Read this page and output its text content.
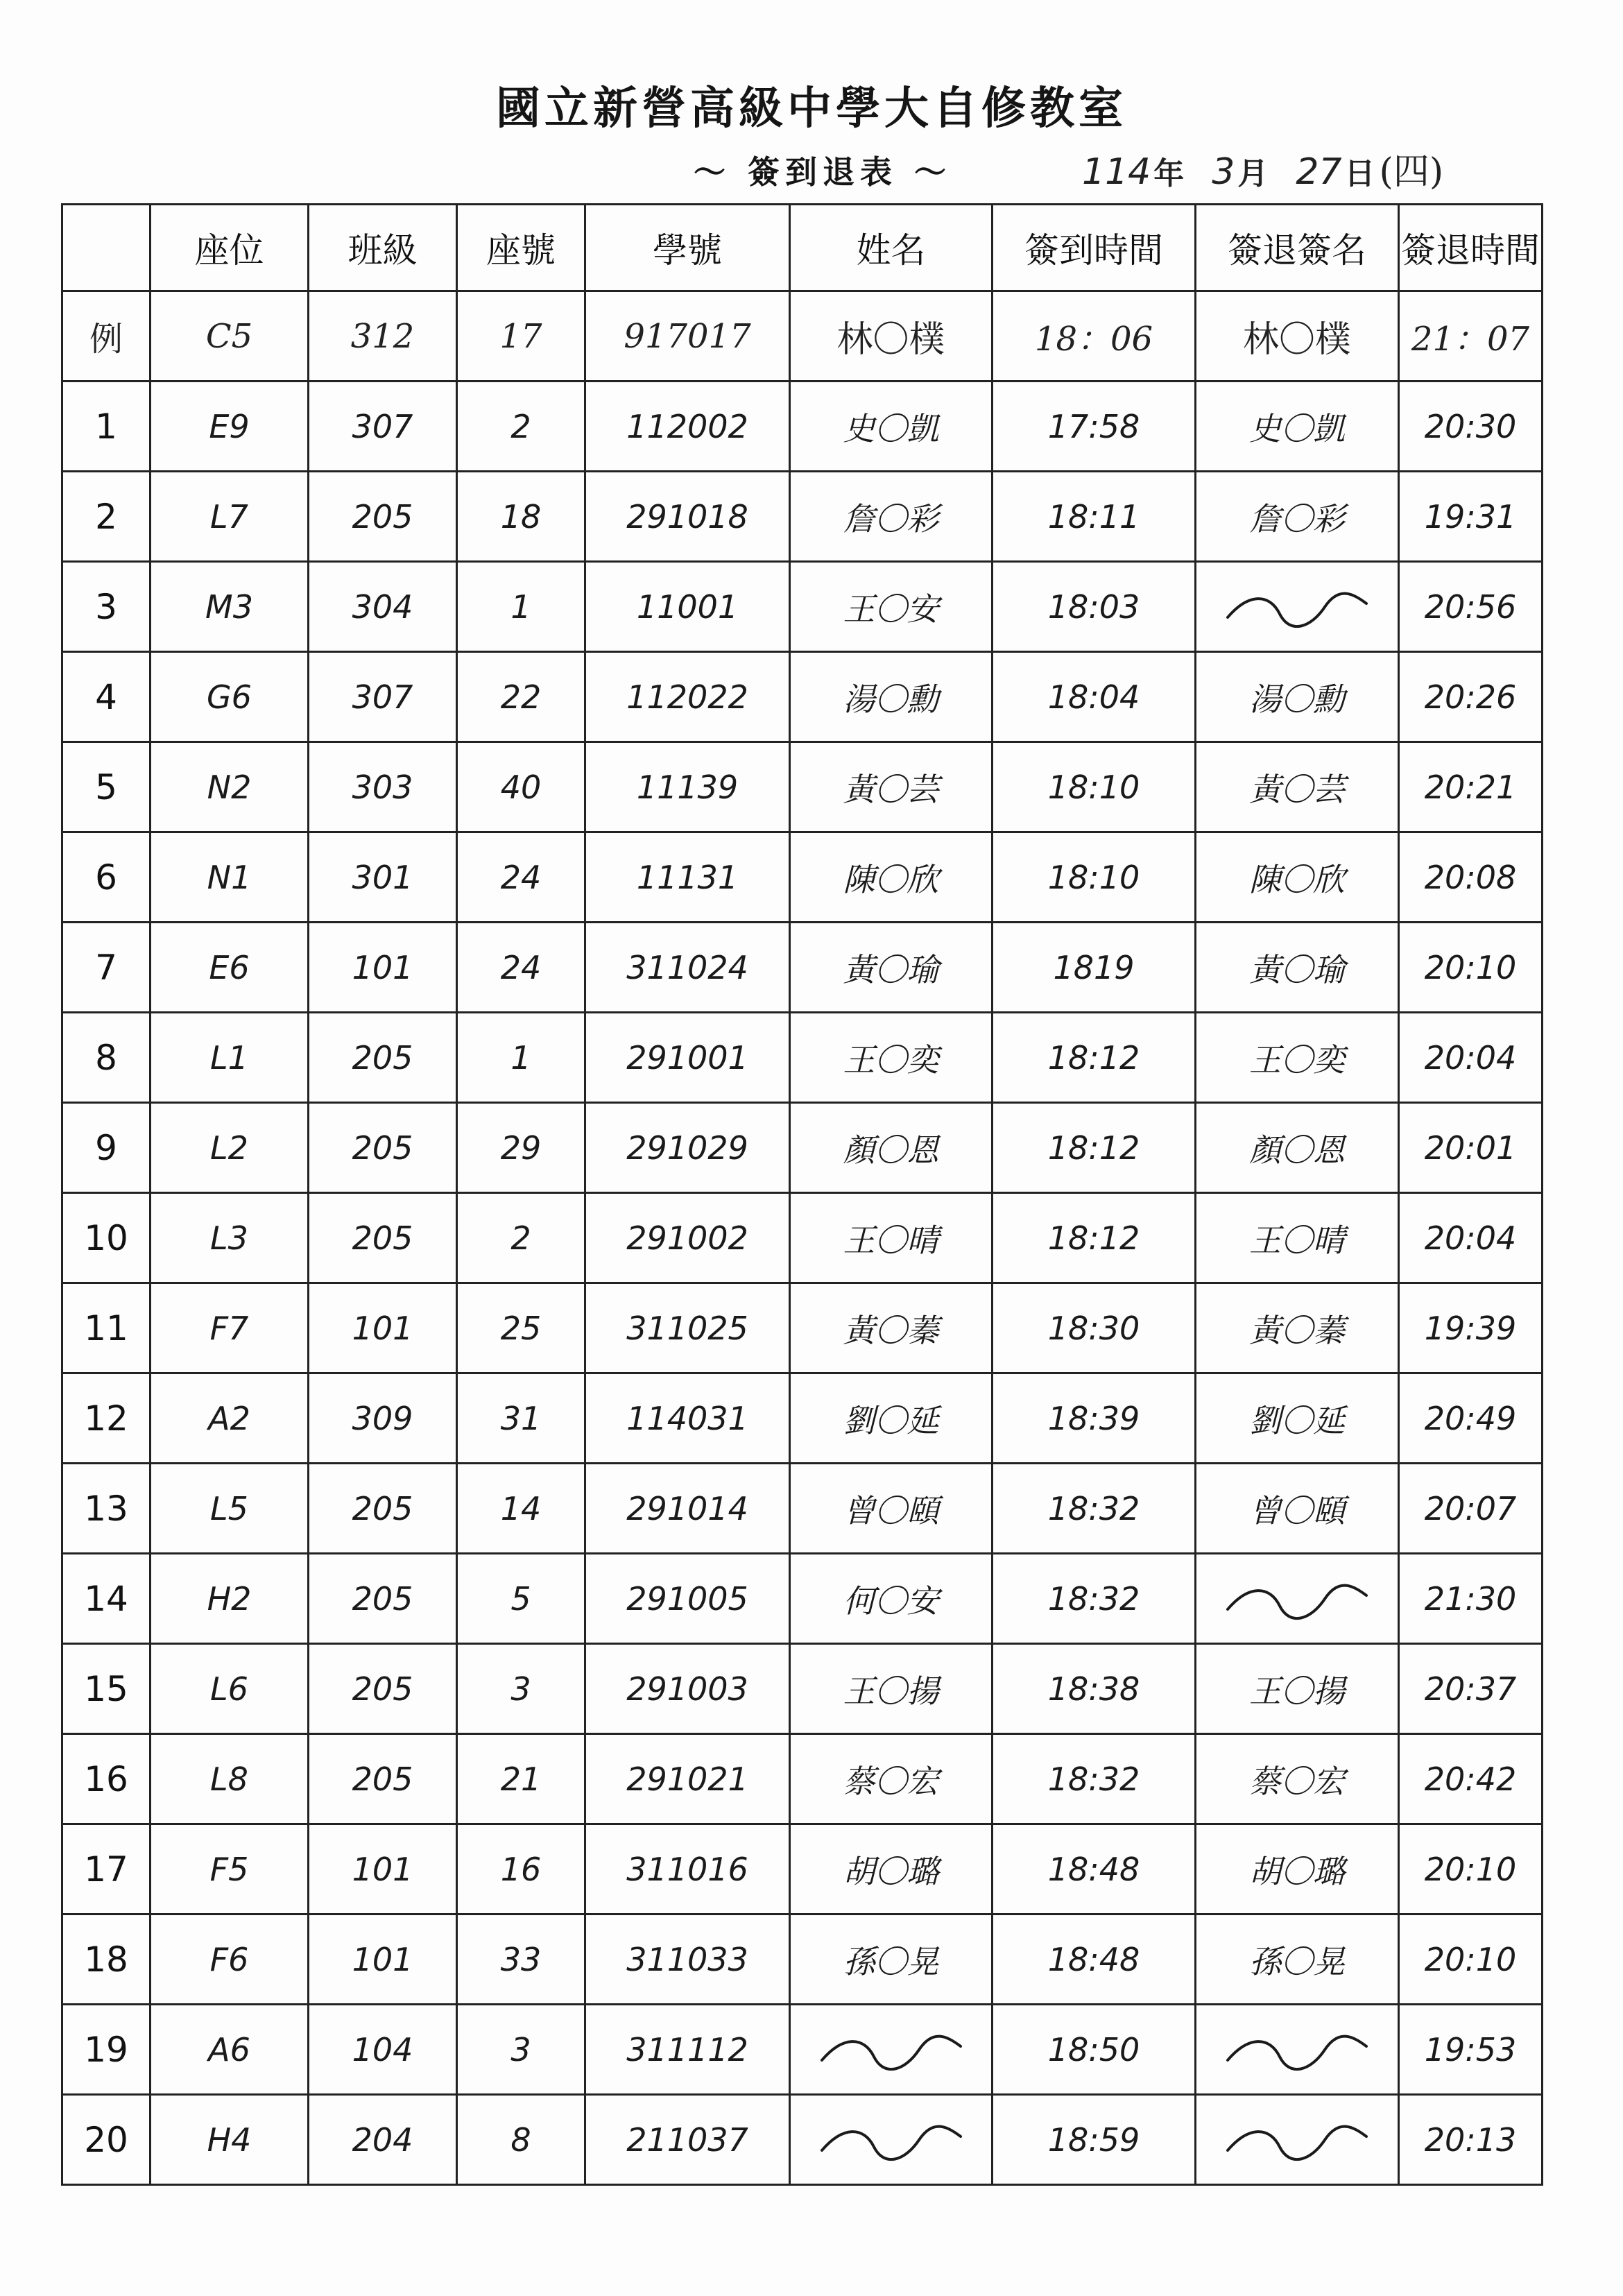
國立新營高級中學大自修教室
～ 簽到退表 ～	114年 3月 27日 (四)
	座位	班級	座號	學號	姓名	簽到時間	簽退簽名	簽退時間
例	C5	312	17	917017	林〇樸	18：06	林〇樸	21：07
1	E9	307	2	112002	史〇凱	17:58	史〇凱	20:30
2	L7	205	18	291018	詹〇彩	18:11	詹〇彩	19:31
3	M3	304	1	11001	王〇安	18:03		20:56
4	G6	307	22	112022	湯〇勳	18:04	湯〇勳	20:26
5	N2	303	40	11139	黃〇芸	18:10	黃〇芸	20:21
6	N1	301	24	11131	陳〇欣	18:10	陳〇欣	20:08
7	E6	101	24	311024	黃〇瑜	1819	黃〇瑜	20:10
8	L1	205	1	291001	王〇奕	18:12	王〇奕	20:04
9	L2	205	29	291029	顏〇恩	18:12	顏〇恩	20:01
10	L3	205	2	291002	王〇晴	18:12	王〇晴	20:04
11	F7	101	25	311025	黃〇蓁	18:30	黃〇蓁	19:39
12	A2	309	31	114031	劉〇延	18:39	劉〇延	20:49
13	L5	205	14	291014	曾〇頤	18:32	曾〇頤	20:07
14	H2	205	5	291005	何〇安	18:32		21:30
15	L6	205	3	291003	王〇揚	18:38	王〇揚	20:37
16	L8	205	21	291021	蔡〇宏	18:32	蔡〇宏	20:42
17	F5	101	16	311016	胡〇璐	18:48	胡〇璐	20:10
18	F6	101	33	311033	孫〇晃	18:48	孫〇晃	20:10
19	A6	104	3	311112		18:50		19:53
20	H4	204	8	211037		18:59		20:13
